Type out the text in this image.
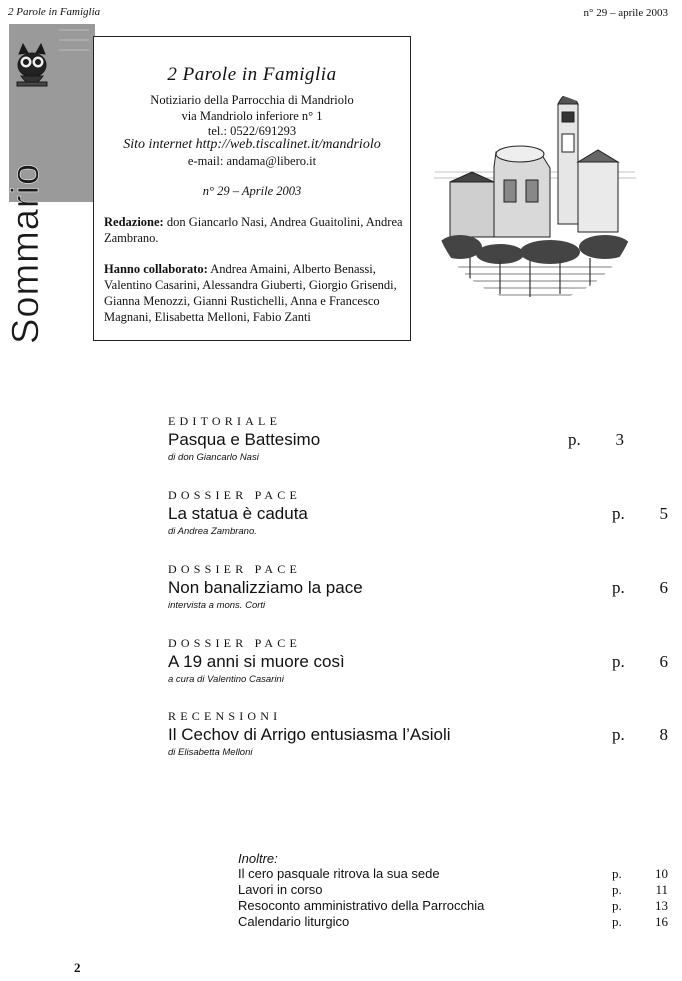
2 Parole in Famiglia	n° 29 – aprile 2003
Sommario
2 Parole in Famiglia
Notiziario della Parrocchia di Mandriolo
via Mandriolo inferiore n° 1
tel.: 0522/691293
Sito internet http://web.tiscalinet.it/mandriolo
e-mail: andama@libero.it
n° 29 – Aprile 2003
Redazione: don Giancarlo Nasi, Andrea Guaitolini, Andrea Zambrano.
Hanno collaborato: Andrea Amaini, Alberto Benassi, Valentino Casarini, Alessandra Giuberti, Giorgio Grisendi, Gianna Menozzi, Gianni Rustichelli, Anna e Francesco Magnani, Elisabetta Melloni, Fabio Zanti
EDITORIALE
Pasqua e Battesimo
di don Giancarlo Nasi
p.	3
DOSSIER PACE
La statua è caduta
di Andrea Zambrano.
p.	5
DOSSIER PACE
Non banalizziamo la pace
intervista a mons. Corti
p.	6
DOSSIER PACE
A 19 anni si muore così
a cura di Valentino Casarini
p.	6
RECENSIONI
Il Cechov di Arrigo entusiasma l’Asioli
di Elisabetta Melloni
p.	8
Inoltre:
Il cero pasquale ritrova la sua sede	p.	10
Lavori in corso	p.	11
Resoconto amministrativo della Parrocchia	p.	13
Calendario liturgico	p.	16
2
